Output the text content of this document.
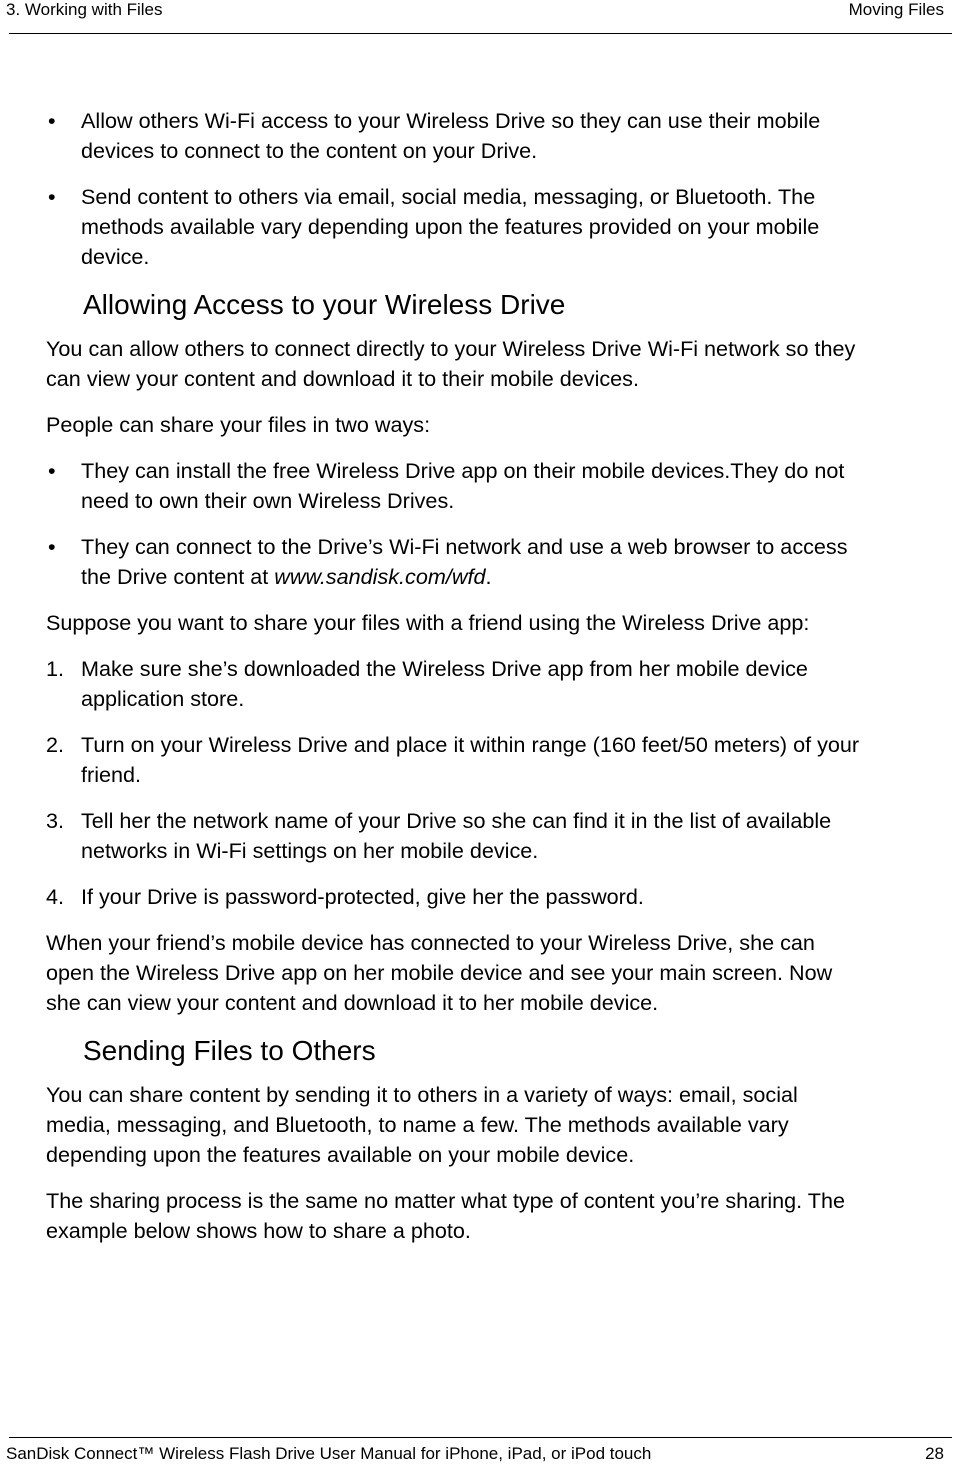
3. Working with Files	Moving Files
• Allow others Wi-Fi access to your Wireless Drive so they can use their mobile
devices to connect to the content on your Drive.
• Send content to others via email, social media, messaging, or Bluetooth. The
methods available vary depending upon the features provided on your mobile
device.
Allowing Access to your Wireless Drive
You can allow others to connect directly to your Wireless Drive Wi-Fi network so they
can view your content and download it to their mobile devices.
People can share your files in two ways:
• They can install the free Wireless Drive app on their mobile devices.They do not
need to own their own Wireless Drives.
• They can connect to the Drive’s Wi-Fi network and use a web browser to access
the Drive content at www.sandisk.com/wfd.
Suppose you want to share your files with a friend using the Wireless Drive app:
1. Make sure she’s downloaded the Wireless Drive app from her mobile device
application store.
2. Turn on your Wireless Drive and place it within range (160 feet/50 meters) of your
friend.
3. Tell her the network name of your Drive so she can find it in the list of available
networks in Wi-Fi settings on her mobile device.
4. If your Drive is password-protected, give her the password.
When your friend’s mobile device has connected to your Wireless Drive, she can
open the Wireless Drive app on her mobile device and see your main screen. Now
she can view your content and download it to her mobile device.
Sending Files to Others
You can share content by sending it to others in a variety of ways: email, social
media, messaging, and Bluetooth, to name a few. The methods available vary
depending upon the features available on your mobile device.
The sharing process is the same no matter what type of content you’re sharing. The
example below shows how to share a photo.
SanDisk Connect™ Wireless Flash Drive User Manual for iPhone, iPad, or iPod touch	28
